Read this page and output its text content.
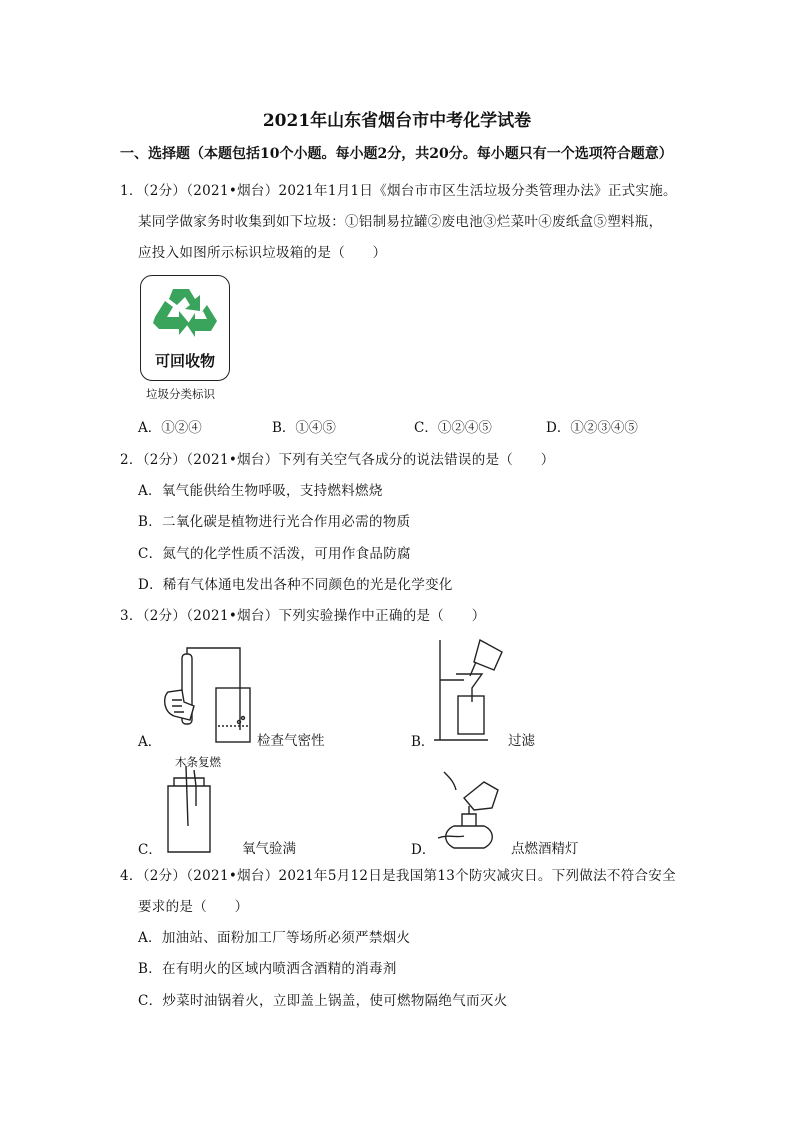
2021年山东省烟台市中考化学试卷
一、选择题（本题包括10个小题。每小题2分，共20分。每小题只有一个选项符合题意）
1．（2分）（2021•烟台）2021年1月1日《烟台市市区生活垃圾分类管理办法》正式实施。
某同学做家务时收集到如下垃圾：①铝制易拉罐②废电池③烂菜叶④废纸盒⑤塑料瓶，
应投入如图所示标识垃圾箱的是（　　）
可回收物
垃圾分类标识
A．①②④	B．①④⑤	C．①②④⑤	D．①②③④⑤
2．（2分）（2021•烟台）下列有关空气各成分的说法错误的是（　　）
A．氧气能供给生物呼吸，支持燃料燃烧
B．二氧化碳是植物进行光合作用必需的物质
C．氮气的化学性质不活泼，可用作食品防腐
D．稀有气体通电发出各种不同颜色的光是化学变化
3．（2分）（2021•烟台）下列实验操作中正确的是（　　）
A．	检查气密性	B．	过滤
木条复燃
C．	氧气验满	D．	点燃酒精灯
4．（2分）（2021•烟台）2021年5月12日是我国第13个防灾减灾日。下列做法不符合安全
要求的是（　　）
A．加油站、面粉加工厂等场所必须严禁烟火
B．在有明火的区域内喷洒含酒精的消毒剂
C．炒菜时油锅着火，立即盖上锅盖，使可燃物隔绝气而灭火
